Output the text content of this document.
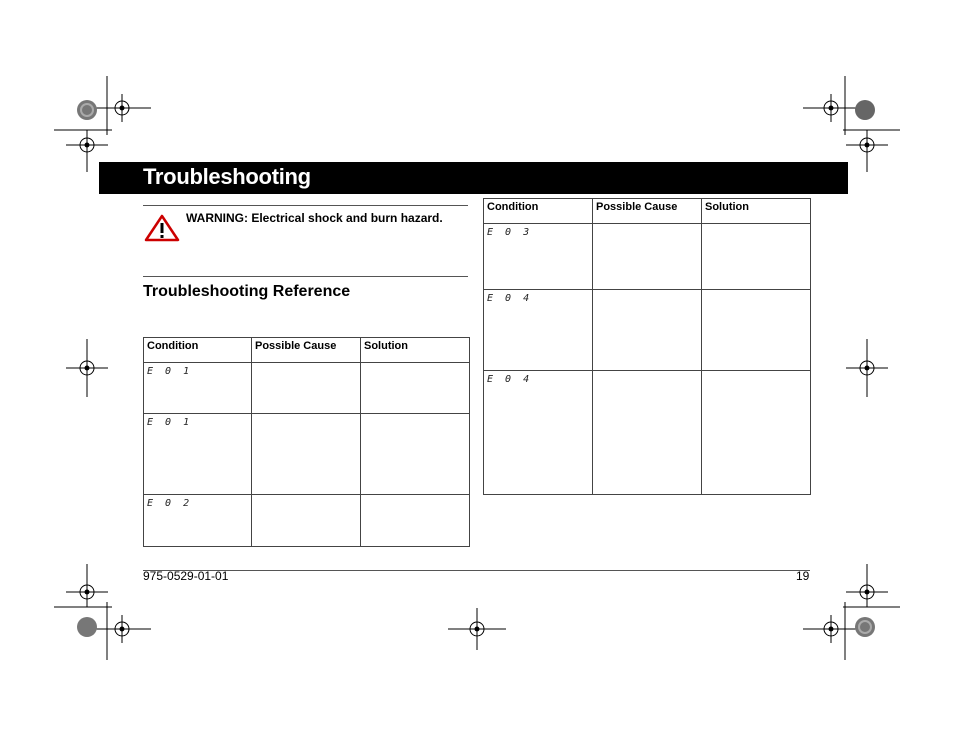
Troubleshooting
WARNING: Electrical shock and burn hazard.
Troubleshooting Reference
Condition	Possible Cause	Solution
E 0 1		
E 0 1		
E 0 2		
Condition	Possible Cause	Solution
E 0 3		
E 0 4		
E 0 4		
975-0529-01-01	19
